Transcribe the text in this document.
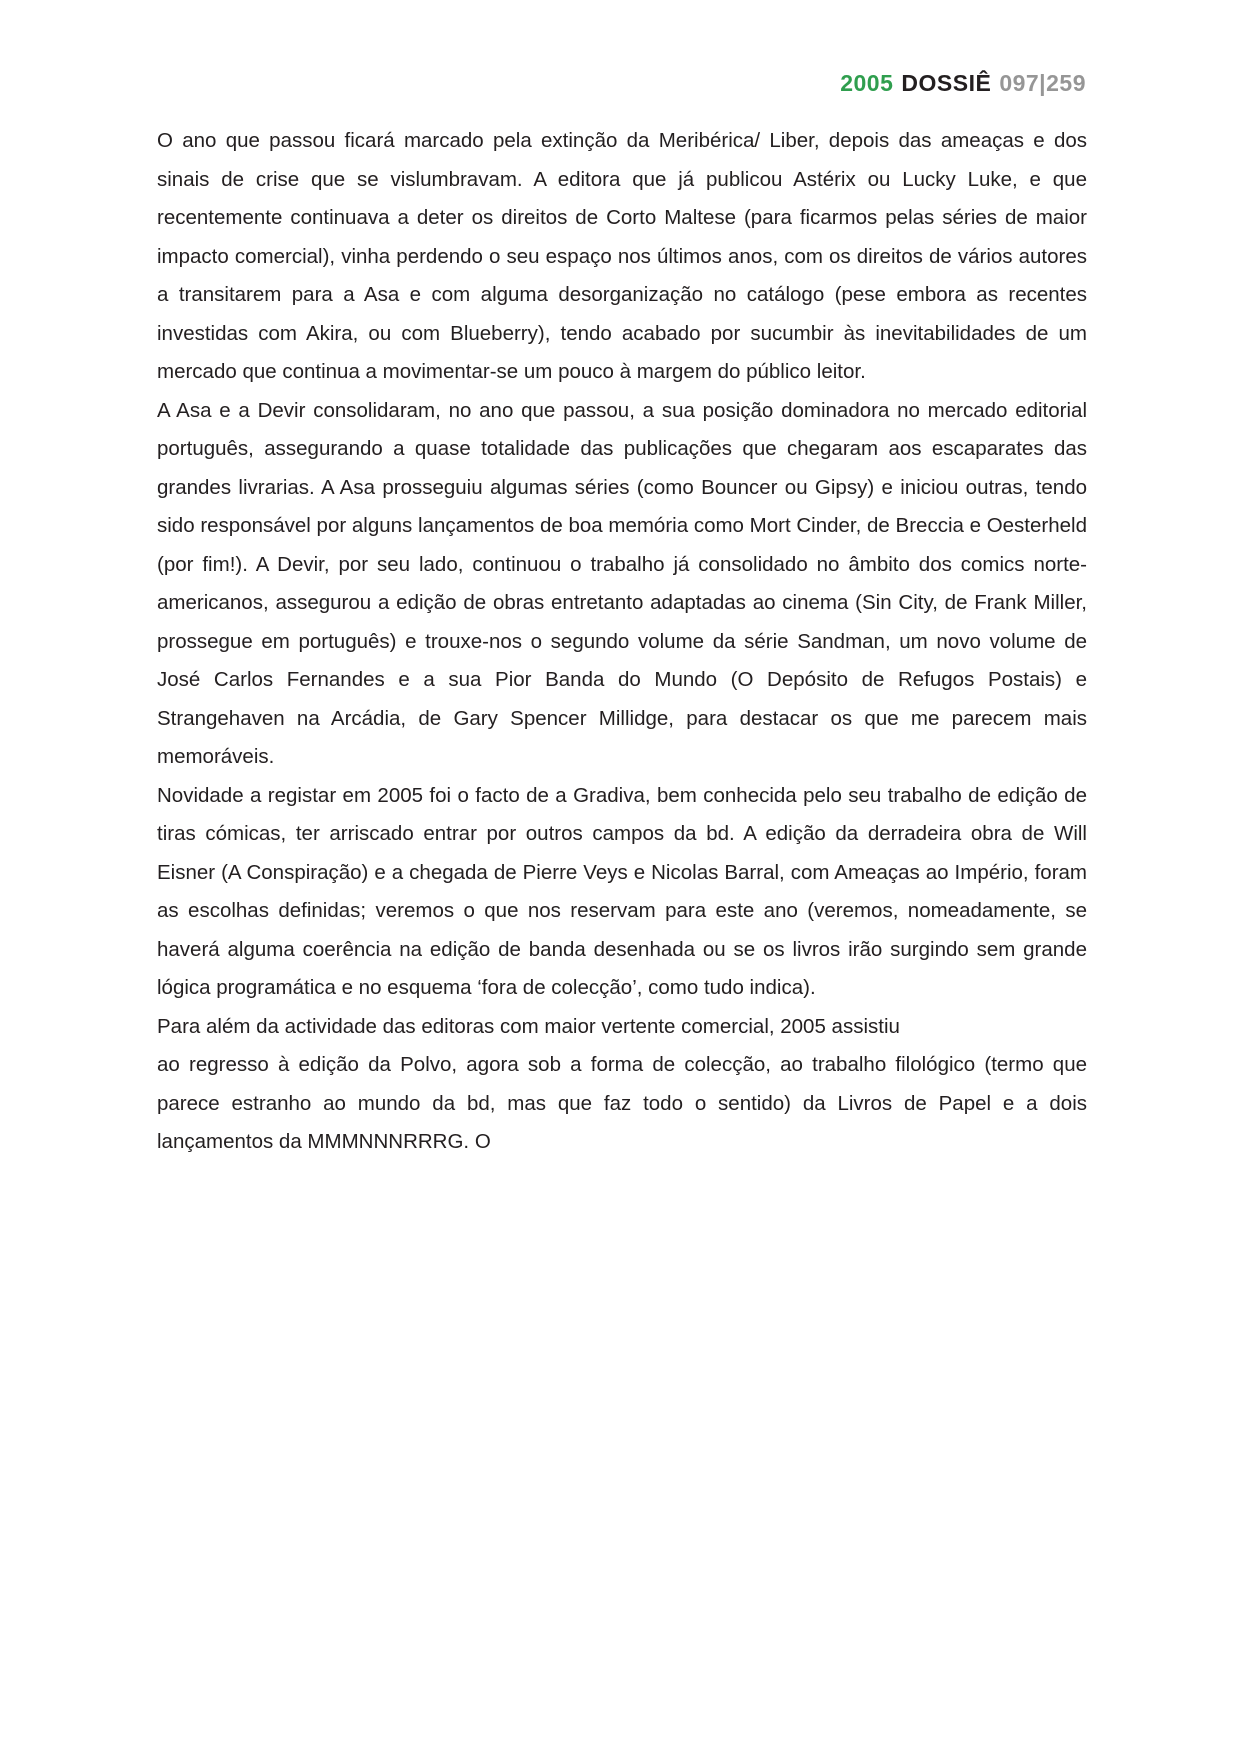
2005 DOSSIÊ 097|259

O ano que passou ficará marcado pela extinção da Meribérica/ Liber, depois das ameaças e dos sinais de crise que se vislumbravam. A editora que já publicou Astérix ou Lucky Luke, e que recentemente continuava a deter os direitos de Corto Maltese (para ficarmos pelas séries de maior impacto comercial), vinha perdendo o seu espaço nos últimos anos, com os direitos de vários autores a transitarem para a Asa e com alguma desorganização no catálogo (pese embora as recentes investidas com Akira, ou com Blueberry), tendo acabado por sucumbir às inevitabilidades de um mercado que continua a movimentar-se um pouco à margem do público leitor.

A Asa e a Devir consolidaram, no ano que passou, a sua posição dominadora no mercado editorial português, assegurando a quase totalidade das publicações que chegaram aos escaparates das grandes livrarias. A Asa prosseguiu algumas séries (como Bouncer ou Gipsy) e iniciou outras, tendo sido responsável por alguns lançamentos de boa memória como Mort Cinder, de Breccia e Oesterheld (por fim!). A Devir, por seu lado, continuou o trabalho já consolidado no âmbito dos comics norte-americanos, assegurou a edição de obras entretanto adaptadas ao cinema (Sin City, de Frank Miller, prossegue em português) e trouxe-nos o segundo volume da série Sandman, um novo volume de José Carlos Fernandes e a sua Pior Banda do Mundo (O Depósito de Refugos Postais) e Strangehaven na Arcádia, de Gary Spencer Millidge, para destacar os que me parecem mais memoráveis.

Novidade a registar em 2005 foi o facto de a Gradiva, bem conhecida pelo seu trabalho de edição de tiras cómicas, ter arriscado entrar por outros campos da bd. A edição da derradeira obra de Will Eisner (A Conspiração) e a chegada de Pierre Veys e Nicolas Barral, com Ameaças ao Império, foram as escolhas definidas; veremos o que nos reservam para este ano (veremos, nomeadamente, se haverá alguma coerência na edição de banda desenhada ou se os livros irão surgindo sem grande lógica programática e no esquema ‘fora de colecção’, como tudo indica).

Para além da actividade das editoras com maior vertente comercial, 2005 assistiu

ao regresso à edição da Polvo, agora sob a forma de colecção, ao trabalho filológico (termo que parece estranho ao mundo da bd, mas que faz todo o sentido) da Livros de Papel e a dois lançamentos da MMMNNNRRRG. O
